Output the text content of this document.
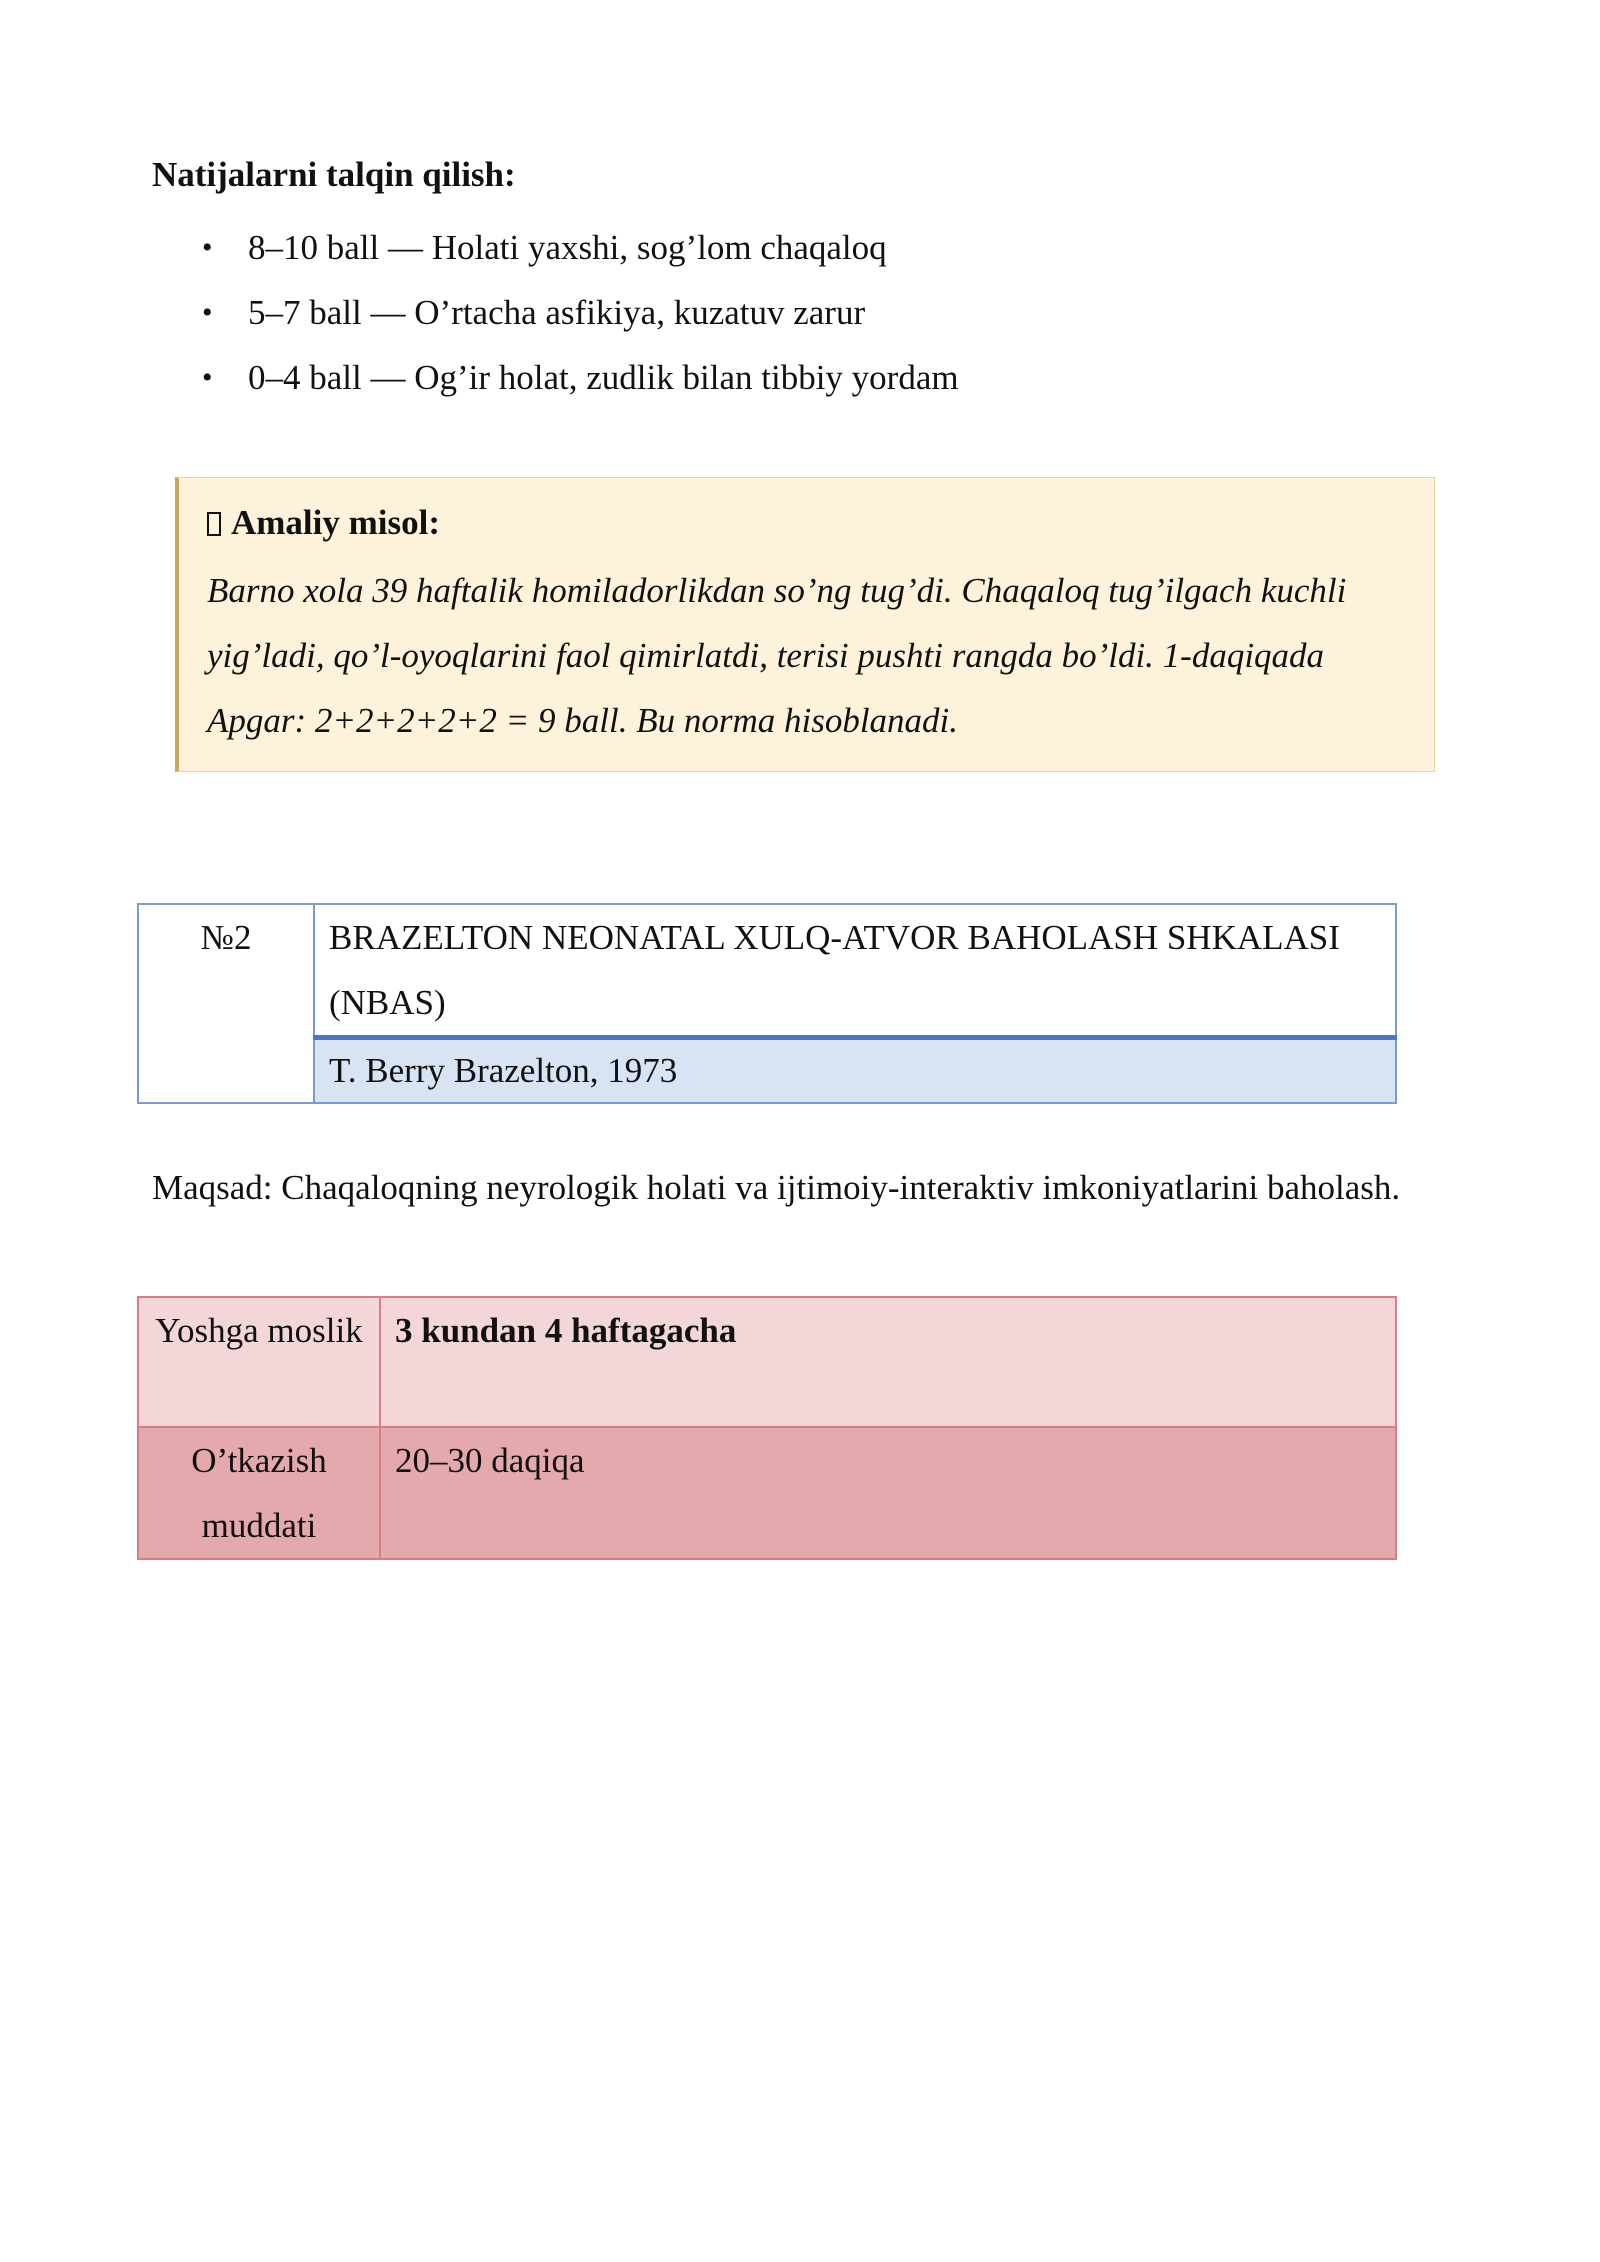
Natijalarni talqin qilish:

• 8–10 ball — Holati yaxshi, sog’lom chaqaloq
• 5–7 ball — O’rtacha asfikiya, kuzatuv zarur
• 0–4 ball — Og’ir holat, zudlik bilan tibbiy yordam
Amaliy misol:
Barno xola 39 haftalik homiladorlikdan so’ng tug’di. Chaqaloq tug’ilgach kuchli yig’ladi, qo’l-oyoqlarini faol qimirlatdi, terisi pushti rangda bo’ldi. 1-daqiqada Apgar: 2+2+2+2+2 = 9 ball. Bu norma hisoblanadi.
№2	BRAZELTON NEONATAL XULQ-ATVOR BAHOLASH SHKALASI (NBAS)
T. Berry Brazelton, 1973

Maqsad: Chaqaloqning neyrologik holati va ijtimoiy-interaktiv imkoniyatlarini baholash.

Yoshga moslik	3 kundan 4 haftagacha
O’tkazish muddati	20–30 daqiqa
